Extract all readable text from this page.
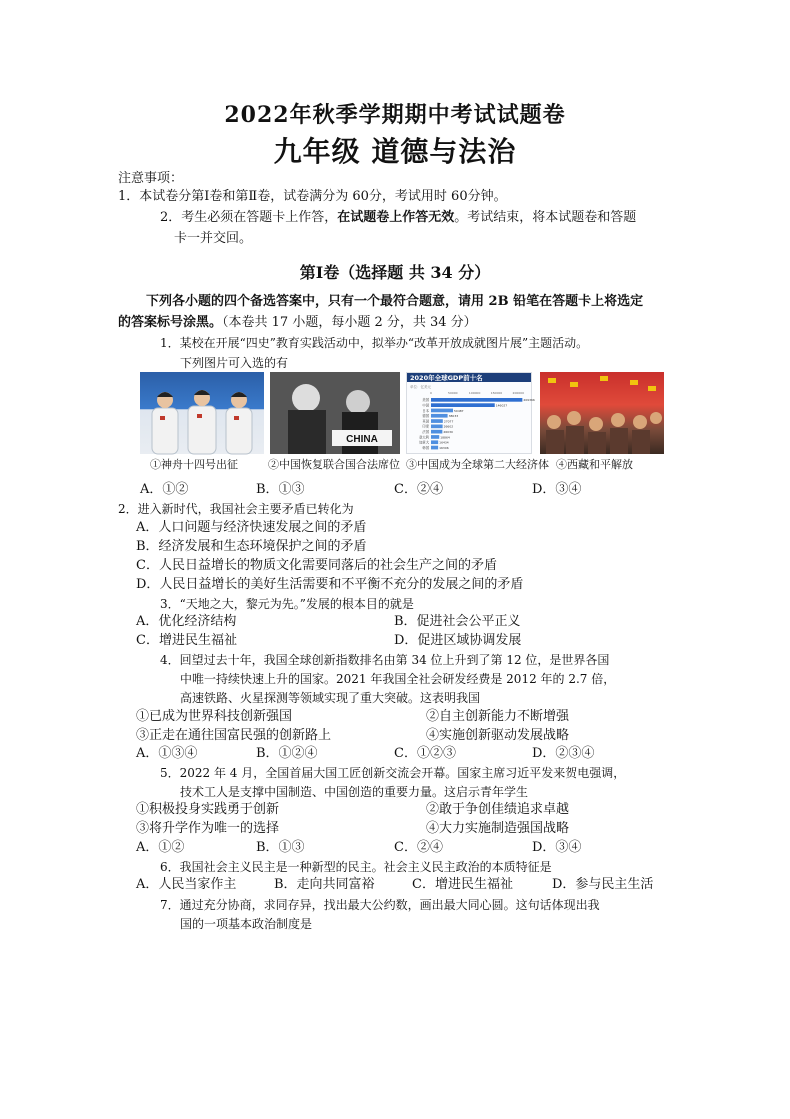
2022年秋季学期期中考试试题卷
九年级 道德与法治
注意事项：
1．本试卷分第Ⅰ卷和第Ⅱ卷，试卷满分为 60分，考试用时 60分钟。
2．考生必须在答题卡上作答，在试题卷上作答无效。考试结束，将本试题卷和答题
卡一并交回。
第Ⅰ卷（选择题 共 34 分）
下列各小题的四个备选答案中，只有一个最符合题意，请用 2B 铅笔在答题卡上将选定
的答案标号涂黑。（本卷共 17 小题，每小题 2 分，共 34 分）
1．某校在开展“四史”教育实践活动中，拟举办“改革开放成就图片展”主题活动。
下列图片可入选的有
①神舟十四号出征
CHINA
②中国恢复联合国合法席位
2020年全球GDP前十名
单位：亿美元
0	50000	100000	150000	200000
美国	209366
中国	146027
日本	50487
德国	38033
英国	27077
印度	26602
法国	26030
意大利	18864
加拿大	16434
韩国	16306
③中国成为全球第二大经济体 ④西藏和平解放
A．①②	B．①③	C．②④	D．③④
2．进入新时代，我国社会主要矛盾已转化为
A．人口问题与经济快速发展之间的矛盾
B．经济发展和生态环境保护之间的矛盾
C．人民日益增长的物质文化需要同落后的社会生产之间的矛盾
D．人民日益增长的美好生活需要和不平衡不充分的发展之间的矛盾
3．“天地之大，黎元为先。”发展的根本目的就是
A．优化经济结构	B．促进社会公平正义
C．增进民生福祉	D．促进区域协调发展
4．回望过去十年，我国全球创新指数排名由第 34 位上升到了第 12 位，是世界各国
中唯一持续快速上升的国家。2021 年我国全社会研发经费是 2012 年的 2.7 倍，
高速铁路、火星探测等领域实现了重大突破。这表明我国
①已成为世界科技创新强国	②自主创新能力不断增强
③正走在通往国富民强的创新路上	④实施创新驱动发展战略
A．①③④	B．①②④	C．①②③	D．②③④
5．2022 年 4 月，全国首届大国工匠创新交流会开幕。国家主席习近平发来贺电强调，
技术工人是支撑中国制造、中国创造的重要力量。这启示青年学生
①积极投身实践勇于创新	②敢于争创佳绩追求卓越
③将升学作为唯一的选择	④大力实施制造强国战略
A．①②	B．①③	C．②④	D．③④
6．我国社会主义民主是一种新型的民主。社会主义民主政治的本质特征是
A．人民当家作主	B．走向共同富裕	C．增进民生福祉	D．参与民主生活
7．通过充分协商，求同存异，找出最大公约数，画出最大同心圆。这句话体现出我
国的一项基本政治制度是
